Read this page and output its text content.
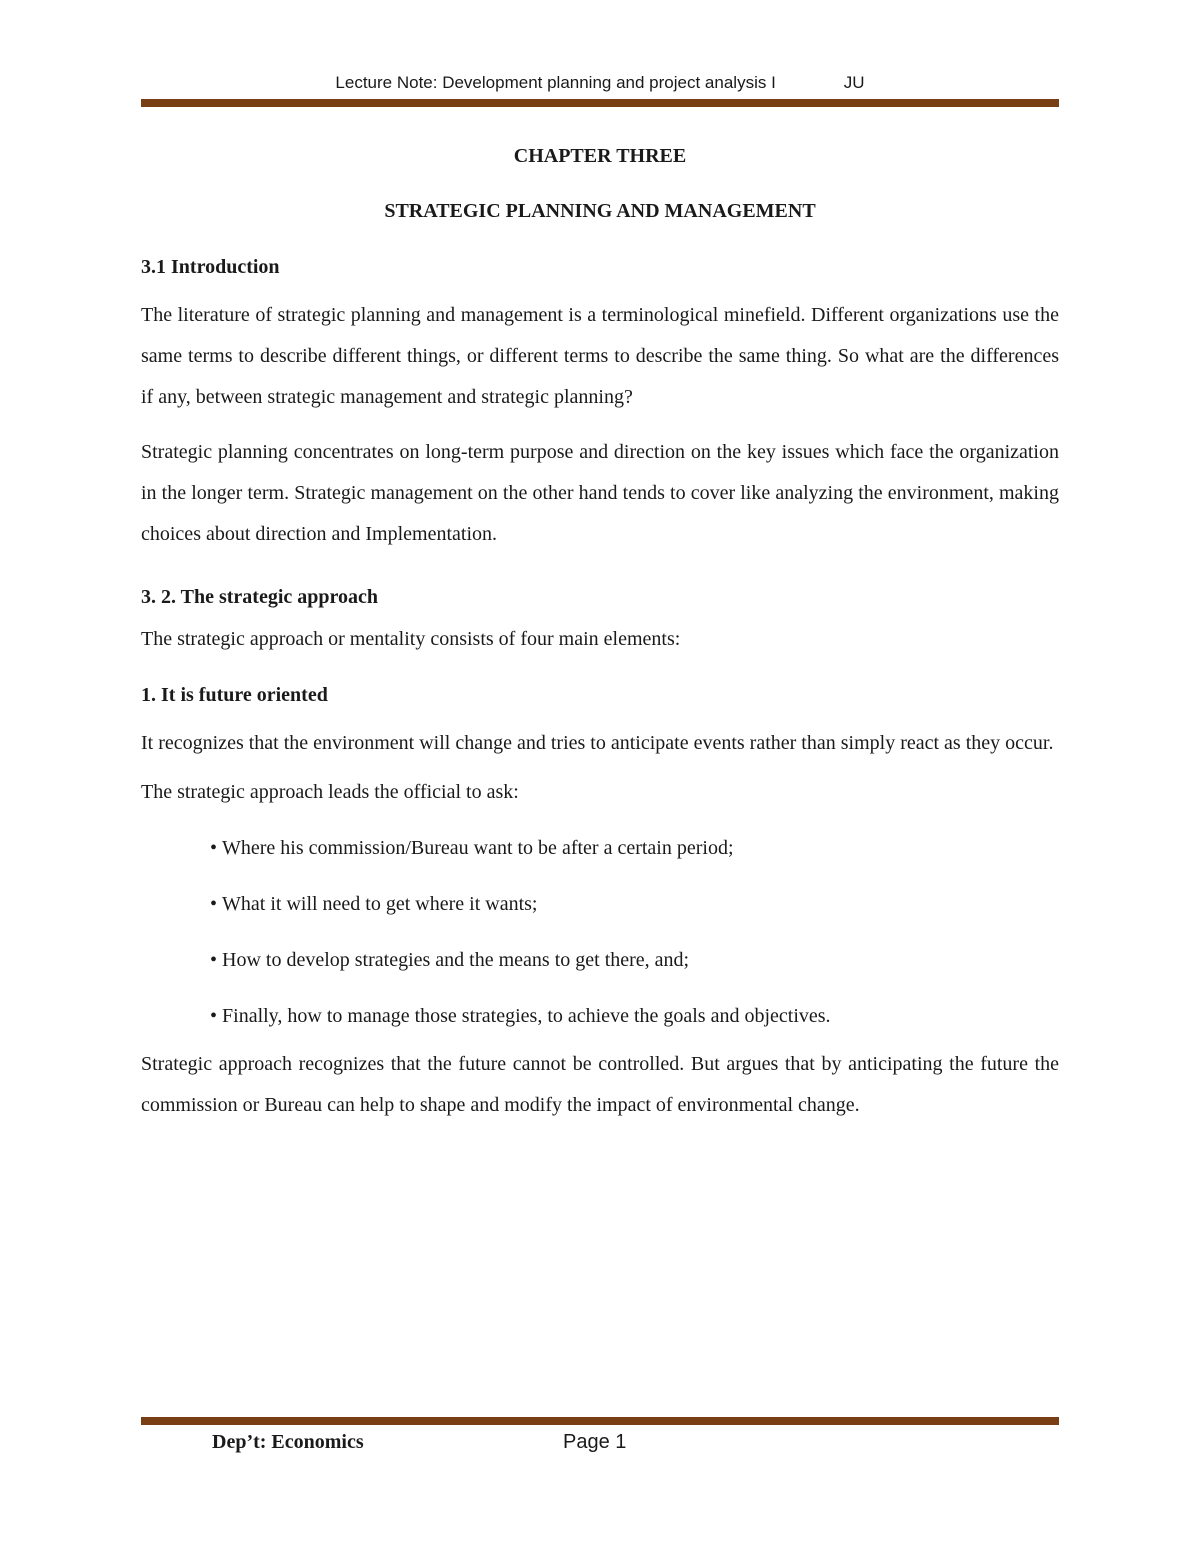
Lecture Note: Development planning and project analysis I	JU
CHAPTER THREE
STRATEGIC PLANNING AND MANAGEMENT
3.1 Introduction

The literature of strategic planning and management is a terminological minefield. Different organizations use the same terms to describe different things, or different terms to describe the same thing. So what are the differences if any, between strategic management and strategic planning?

Strategic planning concentrates on long-term purpose and direction on the key issues which face the organization in the longer term. Strategic management on the other hand tends to cover like analyzing the environment, making choices about direction and Implementation.

3. 2. The strategic approach

The strategic approach or mentality consists of four main elements:

1. It is future oriented

It recognizes that the environment will change and tries to anticipate events rather than simply react as they occur.

The strategic approach leads the official to ask:

• Where his commission/Bureau want to be after a certain period;
• What it will need to get where it wants;
• How to develop strategies and the means to get there, and;
• Finally, how to manage those strategies, to achieve the goals and objectives.

Strategic approach recognizes that the future cannot be controlled. But argues that by anticipating the future the commission or Bureau can help to shape and modify the impact of environmental change.

Dep’t: Economics	Page 1
